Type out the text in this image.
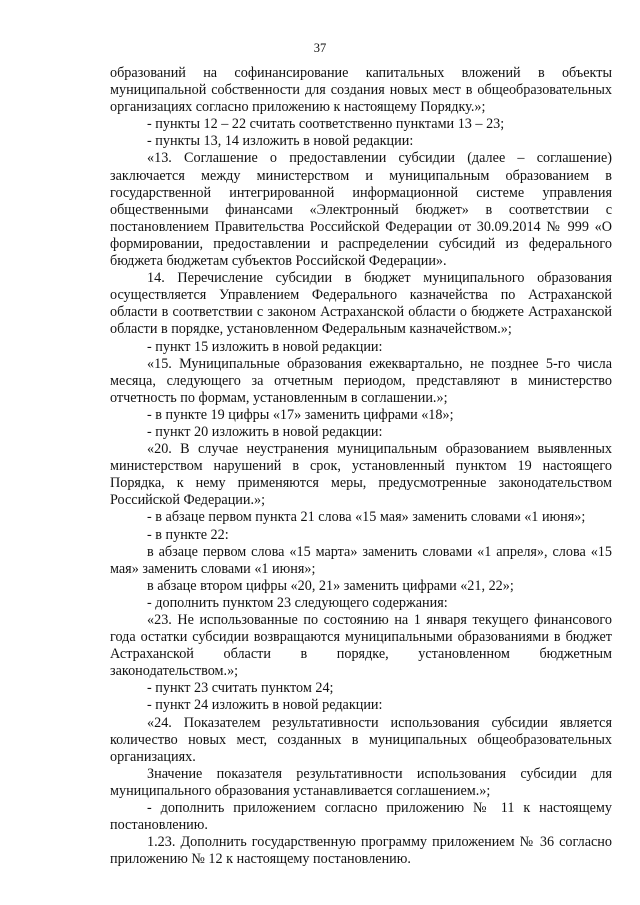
37

образований на софинансирование капитальных вложений в объекты муниципальной собственности для создания новых мест в общеобразовательных организациях согласно приложению к настоящему Порядку.»;

- пункты 12 – 22 считать соответственно пунктами 13 – 23;

- пункты 13, 14 изложить в новой редакции:

«13. Соглашение о предоставлении субсидии (далее – соглашение) заключается между министерством и муниципальным образованием в государственной интегрированной информационной системе управления общественными финансами «Электронный бюджет» в соответствии с постановлением Правительства Российской Федерации от 30.09.2014 № 999 «О формировании, предоставлении и распределении субсидий из федерального бюджета бюджетам субъектов Российской Федерации».

14. Перечисление субсидии в бюджет муниципального образования осуществляется Управлением Федерального казначейства по Астраханской области в соответствии с законом Астраханской области о бюджете Астраханской области в порядке, установленном Федеральным казначейством.»;

- пункт 15 изложить в новой редакции:

«15. Муниципальные образования ежеквартально, не позднее 5-го числа месяца, следующего за отчетным периодом, представляют в министерство отчетность по формам, установленным в соглашении.»;

- в пункте 19 цифры «17» заменить цифрами «18»;

- пункт 20 изложить в новой редакции:

«20. В случае неустранения муниципальным образованием выявленных министерством нарушений в срок, установленный пунктом 19 настоящего Порядка, к нему применяются меры, предусмотренные законодательством Российской Федерации.»;

- в абзаце первом пункта 21 слова «15 мая» заменить словами «1 июня»;

- в пункте 22:

в абзаце первом слова «15 марта» заменить словами «1 апреля», слова «15 мая» заменить словами «1 июня»;

в абзаце втором цифры «20, 21» заменить цифрами «21, 22»;

- дополнить пунктом 23 следующего содержания:

«23. Не использованные по состоянию на 1 января текущего финансового года остатки субсидии возвращаются муниципальными образованиями в бюджет Астраханской области в порядке, установленном бюджетным законодательством.»;

- пункт 23 считать пунктом 24;

- пункт 24 изложить в новой редакции:

«24. Показателем результативности использования субсидии является количество новых мест, созданных в муниципальных общеобразовательных организациях.

Значение показателя результативности использования субсидии для муниципального образования устанавливается соглашением.»;

- дополнить приложением согласно приложению № 11 к настоящему постановлению.

1.23. Дополнить государственную программу приложением № 36 согласно приложению № 12 к настоящему постановлению.
